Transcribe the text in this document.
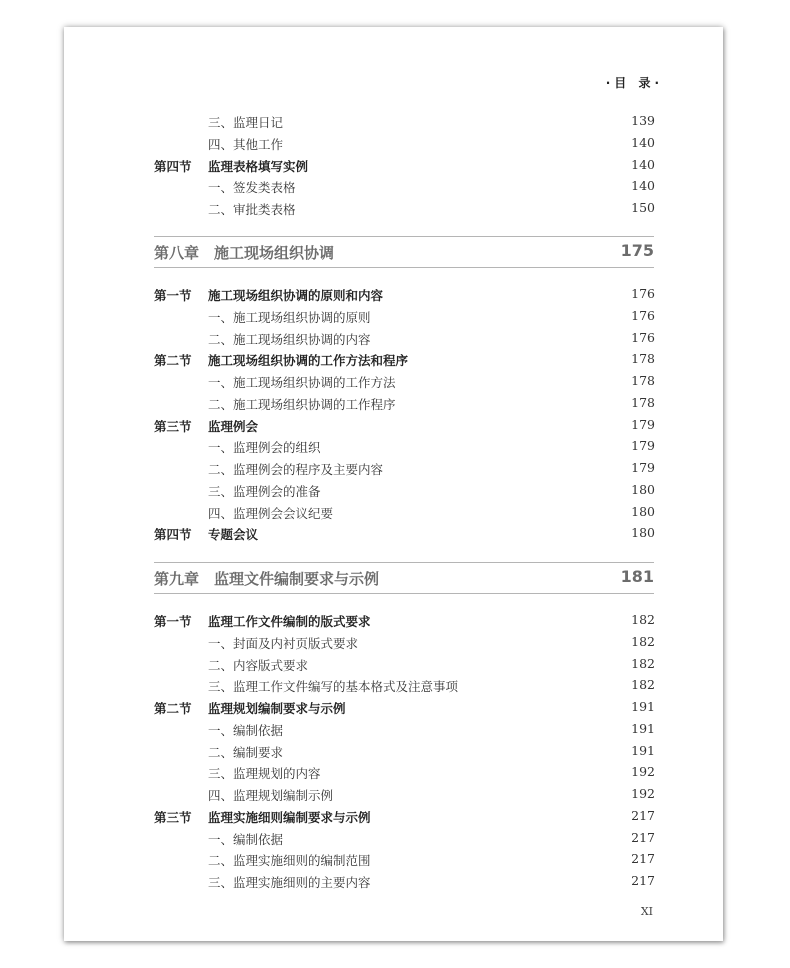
·目 录·
三、监理日记	139
四、其他工作	140
第四节 监理表格填写实例	140
一、签发类表格	140
二、审批类表格	150
第八章 施工现场组织协调	175
第一节 施工现场组织协调的原则和内容	176
一、施工现场组织协调的原则	176
二、施工现场组织协调的内容	176
第二节 施工现场组织协调的工作方法和程序	178
一、施工现场组织协调的工作方法	178
二、施工现场组织协调的工作程序	178
第三节 监理例会	179
一、监理例会的组织	179
二、监理例会的程序及主要内容	179
三、监理例会的准备	180
四、监理例会会议纪要	180
第四节 专题会议	180
第九章 监理文件编制要求与示例	181
第一节 监理工作文件编制的版式要求	182
一、封面及内衬页版式要求	182
二、内容版式要求	182
三、监理工作文件编写的基本格式及注意事项	182
第二节 监理规划编制要求与示例	191
一、编制依据	191
二、编制要求	191
三、监理规划的内容	192
四、监理规划编制示例	192
第三节 监理实施细则编制要求与示例	217
一、编制依据	217
二、监理实施细则的编制范围	217
三、监理实施细则的主要内容	217
XI
